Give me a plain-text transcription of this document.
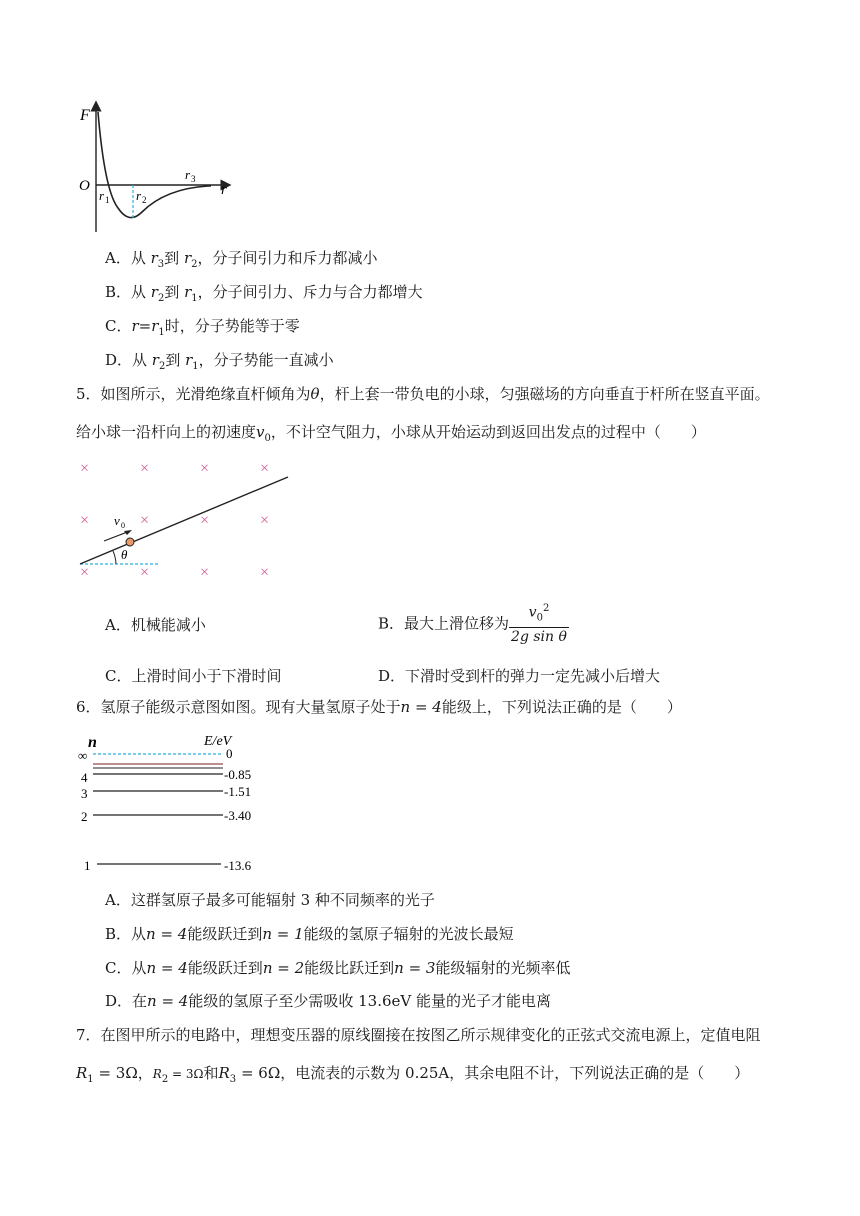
F
O	r
r 1 r 2
r 3
A．从 $r_3$到 $r_2$，分子间引力和斥力都减小
B．从 $r_2$到 $r_1$，分子间引力、斥力与合力都增大
C．$r=r_1$时，分子势能等于零
D．从 $r_2$到 $r_1$，分子势能一直减小
5．如图所示，光滑绝缘直杆倾角为θ，杆上套一带负电的小球，匀强磁场的方向垂直于杆所在竖直平面。
给小球一沿杆向上的初速度$v_0$，不计空气阻力，小球从开始运动到返回出发点的过程中（　　）
×	×	×	×
×	×	×	×
×	×	×	×
θ
v 0
A．机械能减小	B．最大上滑位移为 $\frac{v_0^2}{\text{2g sin θ}}$
C．上滑时间小于下滑时间	D．下滑时受到杆的弹力一定先减小后增大
6．氢原子能级示意图如图。现有大量氢原子处于n = 4能级上，下列说法正确的是（　　）
n	E/eV
∞	0
4	-0.85
3	-1.51
2	-3.40
1	-13.6
A．这群氢原子最多可能辐射 3 种不同频率的光子
B．从n = 4能级跃迁到n = 1能级的氢原子辐射的光波长最短
C．从n = 4能级跃迁到n = 2能级比跃迁到n = 3能级辐射的光频率低
D．在n = 4能级的氢原子至少需吸收 13.6eV 能量的光子才能电离
7．在图甲所示的电路中，理想变压器的原线圈接在按图乙所示规律变化的正弦式交流电源上，定值电阻
$R_1 = 3\Omega$，$R_2 = 3\Omega$和$R_3 = 6\Omega$，电流表的示数为 0.25A，其余电阻不计，下列说法正确的是（　　）
